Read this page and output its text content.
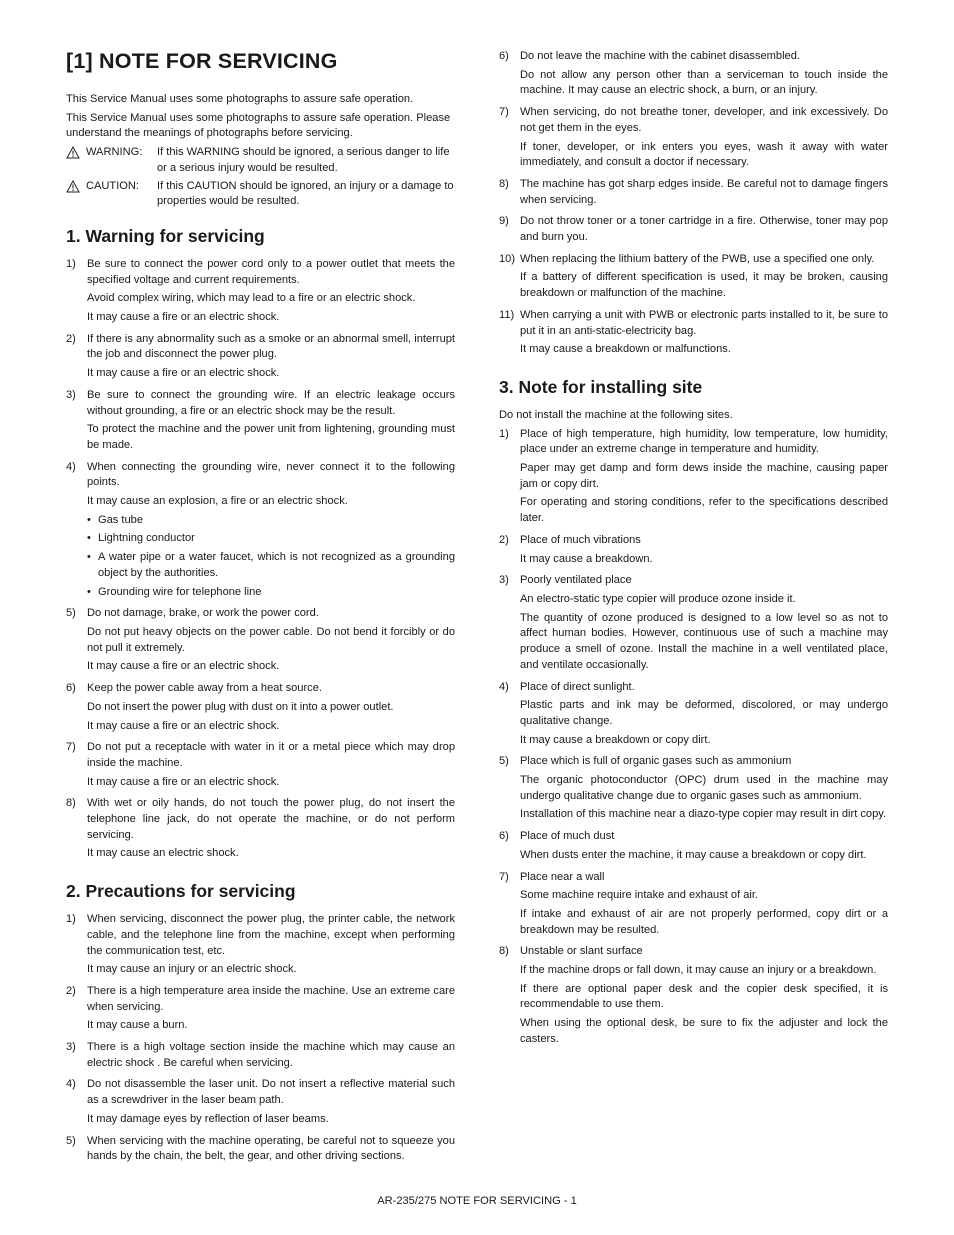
[1] NOTE FOR SERVICING

This Service Manual uses some photographs to assure safe operation.

This Service Manual uses some photographs to assure safe operation. Please understand the meanings of photographs before servicing.

WARNING:	If this WARNING should be ignored, a serious danger to life or a serious injury would be resulted.
CAUTION:	If this CAUTION should be ignored, an injury or a damage to properties would be resulted.
1. Warning for servicing
1)	Be sure to connect the power cord only to a power outlet that meets the specified voltage and current requirements.

Avoid complex wiring, which may lead to a fire or an electric shock.

It may cause a fire or an electric shock.

2)	If there is any abnormality such as a smoke or an abnormal smell, interrupt the job and disconnect the power plug.

It may cause a fire or an electric shock.

3)	Be sure to connect the grounding wire. If an electric leakage occurs without grounding, a fire or an electric shock may be the result.

To protect the machine and the power unit from lightening, grounding must be made.

4)	When connecting the grounding wire, never connect it to the following points.

It may cause an explosion, a fire or an electric shock.

• Gas tube
• Lightning conductor
• A water pipe or a water faucet, which is not recognized as a grounding object by the authorities.
• Grounding wire for telephone line
5)	Do not damage, brake, or work the power cord.

Do not put heavy objects on the power cable. Do not bend it forcibly or do not pull it extremely.

It may cause a fire or an electric shock.

6)	Keep the power cable away from a heat source.

Do not insert the power plug with dust on it into a power outlet.

It may cause a fire or an electric shock.

7)	Do not put a receptacle with water in it or a metal piece which may drop inside the machine.

It may cause a fire or an electric shock.

8)	With wet or oily hands, do not touch the power plug, do not insert the telephone line jack, do not operate the machine, or do not perform servicing.

It may cause an electric shock.

2. Precautions for servicing
1)	When servicing, disconnect the power plug, the printer cable, the network cable, and the telephone line from the machine, except when performing the communication test, etc.

It may cause an injury or an electric shock.

2)	There is a high temperature area inside the machine. Use an extreme care when servicing.

It may cause a burn.

3)	There is a high voltage section inside the machine which may cause an electric shock . Be careful when servicing.

4)	Do not disassemble the laser unit. Do not insert a reflective material such as a screwdriver in the laser beam path.

It may damage eyes by reflection of laser beams.

5)	When servicing with the machine operating, be careful not to squeeze you hands by the chain, the belt, the gear, and other driving sections.

6)	Do not leave the machine with the cabinet disassembled.

Do not allow any person other than a serviceman to touch inside the machine. It may cause an electric shock, a burn, or an injury.

7)	When servicing, do not breathe toner, developer, and ink excessively. Do not get them in the eyes.

If toner, developer, or ink enters you eyes, wash it away with water immediately, and consult a doctor if necessary.

8)	The machine has got sharp edges inside. Be careful not to damage fingers when servicing.

9)	Do not throw toner or a toner cartridge in a fire. Otherwise, toner may pop and burn you.

10) When replacing the lithium battery of the PWB, use a specified one only.

If a battery of different specification is used, it may be broken, causing breakdown or malfunction of the machine.

11) When carrying a unit with PWB or electronic parts installed to it, be sure to put it in an anti-static-electricity bag.

It may cause a breakdown or malfunctions.

3. Note for installing site

Do not install the machine at the following sites.

1)	Place of high temperature, high humidity, low temperature, low humidity, place under an extreme change in temperature and humidity.

Paper may get damp and form dews inside the machine, causing paper jam or copy dirt.

For operating and storing conditions, refer to the specifications described later.

2)	Place of much vibrations

It may cause a breakdown.

3)	Poorly ventilated place

An electro-static type copier will produce ozone inside it.

The quantity of ozone produced is designed to a low level so as not to affect human bodies. However, continuous use of such a machine may produce a smell of ozone. Install the machine in a well ventilated place, and ventilate occasionally.

4)	Place of direct sunlight.

Plastic parts and ink may be deformed, discolored, or may undergo qualitative change.

It may cause a breakdown or copy dirt.

5)	Place which is full of organic gases such as ammonium

The organic photoconductor (OPC) drum used in the machine may undergo qualitative change due to organic gases such as ammonium.

Installation of this machine near a diazo-type copier may result in dirt copy.

6)	Place of much dust

When dusts enter the machine, it may cause a breakdown or copy dirt.

7)	Place near a wall

Some machine require intake and exhaust of air.

If intake and exhaust of air are not properly performed, copy dirt or a breakdown may be resulted.

8)	Unstable or slant surface

If the machine drops or fall down, it may cause an injury or a breakdown.

If there are optional paper desk and the copier desk specified, it is recommendable to use them.

When using the optional desk, be sure to fix the adjuster and lock the casters.

AR-235/275 NOTE FOR SERVICING - 1
